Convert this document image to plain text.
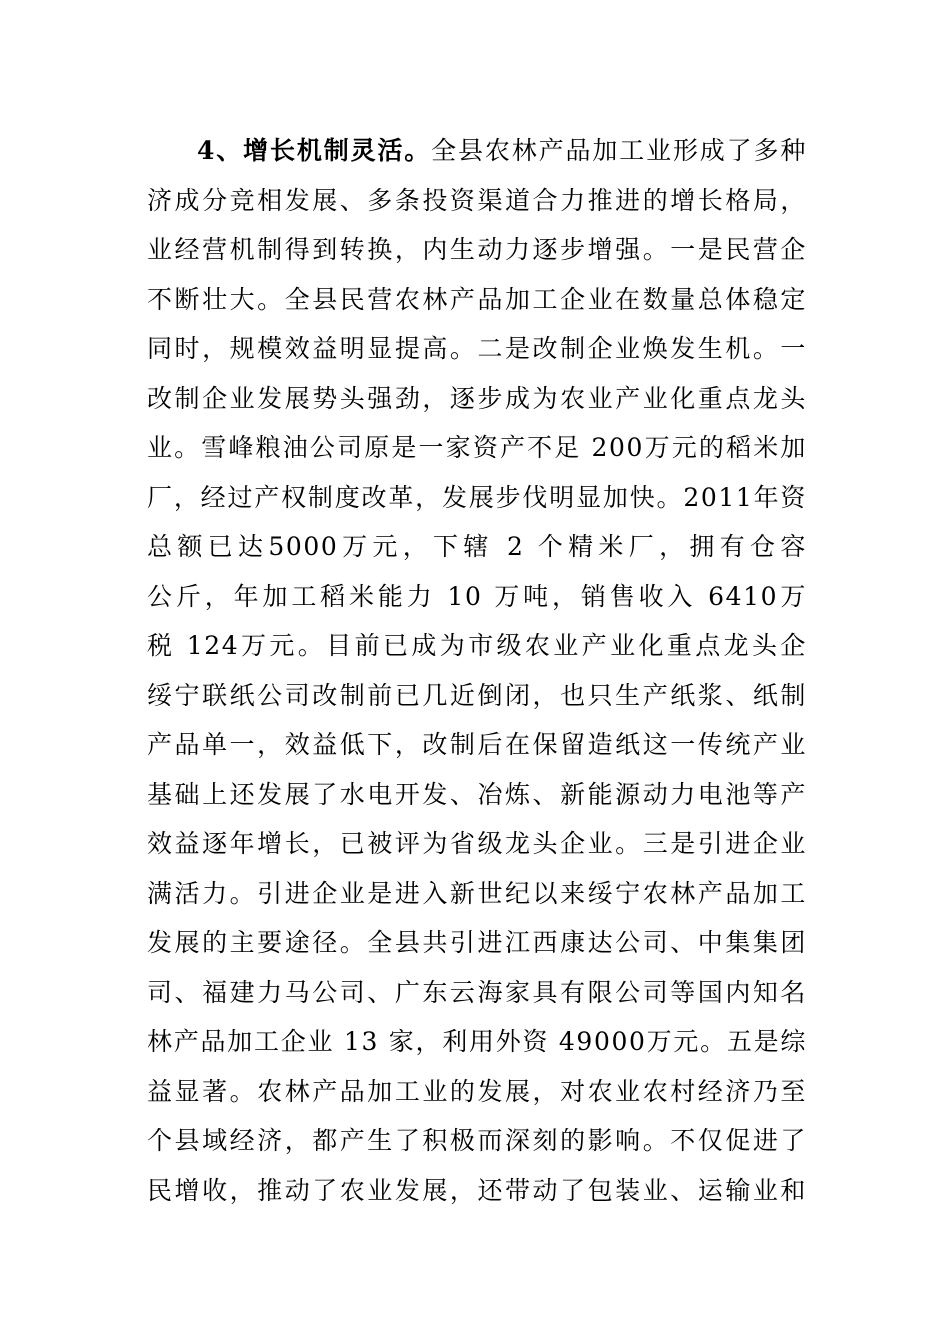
4、增长机制灵活。全县农林产品加工业形成了多种
济成分竞相发展、多条投资渠道合力推进的增长格局，
业经营机制得到转换，内生动力逐步增强。一是民营企
不断壮大。全县民营农林产品加工企业在数量总体稳定
同时，规模效益明显提高。二是改制企业焕发生机。一
改制企业发展势头强劲，逐步成为农业产业化重点龙头
业。雪峰粮油公司原是一家资产不足 200万元的稻米加
厂，经过产权制度改革，发展步伐明显加快。2011年资
总额已达5000万元，下辖 2 个精米厂，拥有仓容
公斤，年加工稻米能力 10 万吨，销售收入 6410万
税 124万元。目前已成为市级农业产业化重点龙头企
绥宁联纸公司改制前已几近倒闭，也只生产纸浆、纸制
产品单一，效益低下，改制后在保留造纸这一传统产业
基础上还发展了水电开发、冶炼、新能源动力电池等产
效益逐年增长，已被评为省级龙头企业。三是引进企业
满活力。引进企业是进入新世纪以来绥宁农林产品加工
发展的主要途径。全县共引进江西康达公司、中集集团
司、福建力马公司、广东云海家具有限公司等国内知名
林产品加工企业 13 家，利用外资 49000万元。五是综
益显著。农林产品加工业的发展，对农业农村经济乃至
个县域经济，都产生了积极而深刻的影响。不仅促进了
民增收，推动了农业发展，还带动了包装业、运输业和
